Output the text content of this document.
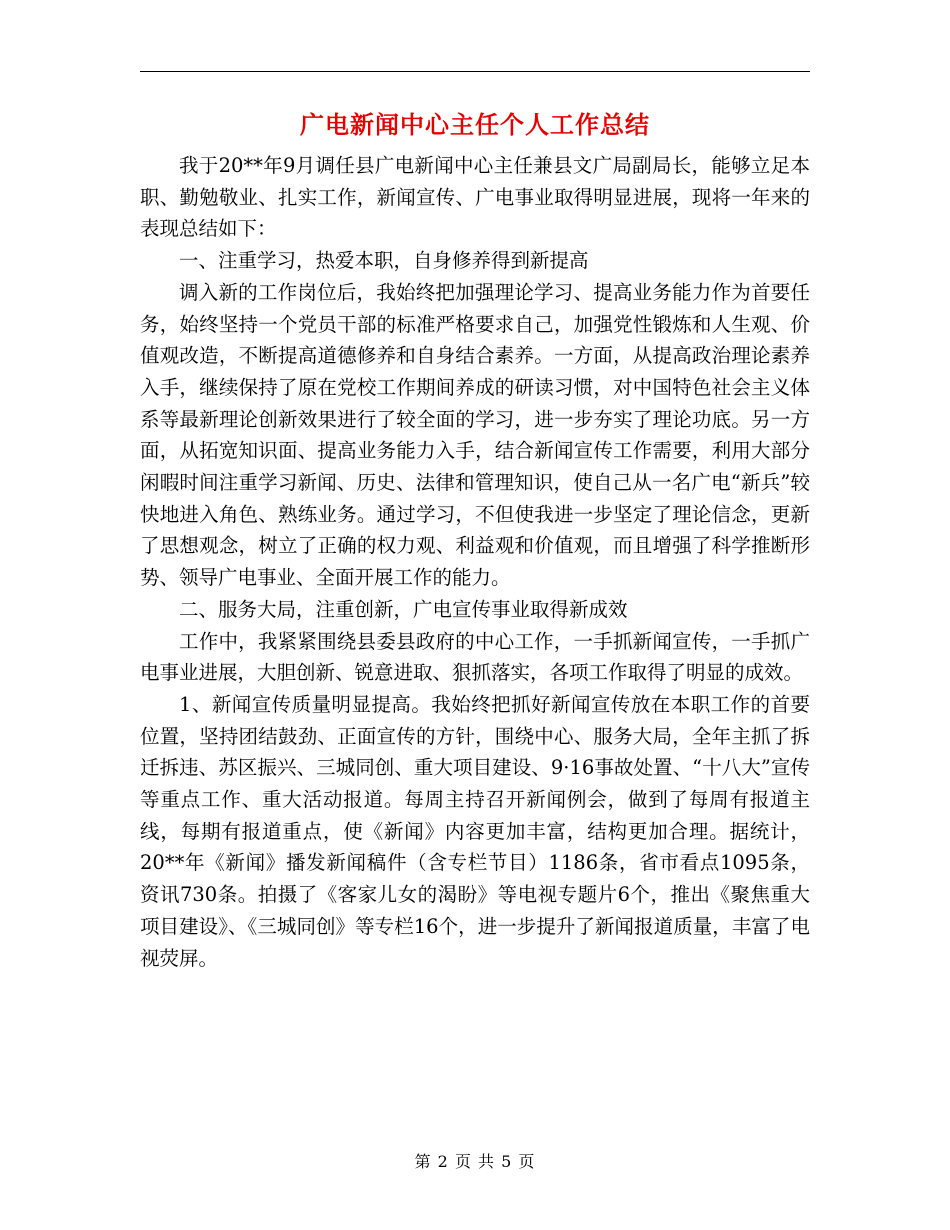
广电新闻中心主任个人工作总结

我于20**年9月调任县广电新闻中心主任兼县文广局副局长，能够立足本职、勤勉敬业、扎实工作，新闻宣传、广电事业取得明显进展，现将一年来的表现总结如下：

一、注重学习，热爱本职，自身修养得到新提高

调入新的工作岗位后，我始终把加强理论学习、提高业务能力作为首要任务，始终坚持一个党员干部的标准严格要求自己，加强党性锻炼和人生观、价值观改造，不断提高道德修养和自身结合素养。一方面，从提高政治理论素养入手，继续保持了原在党校工作期间养成的研读习惯，对中国特色社会主义体系等最新理论创新效果进行了较全面的学习，进一步夯实了理论功底。另一方面，从拓宽知识面、提高业务能力入手，结合新闻宣传工作需要，利用大部分闲暇时间注重学习新闻、历史、法律和管理知识，使自己从一名广电“新兵”较快地进入角色、熟练业务。通过学习，不但使我进一步坚定了理论信念，更新了思想观念，树立了正确的权力观、利益观和价值观，而且增强了科学推断形势、领导广电事业、全面开展工作的能力。

二、服务大局，注重创新，广电宣传事业取得新成效

工作中，我紧紧围绕县委县政府的中心工作，一手抓新闻宣传，一手抓广电事业进展，大胆创新、锐意进取、狠抓落实，各项工作取得了明显的成效。

1、新闻宣传质量明显提高。我始终把抓好新闻宣传放在本职工作的首要位置，坚持团结鼓劲、正面宣传的方针，围绕中心、服务大局，全年主抓了拆迁拆违、苏区振兴、三城同创、重大项目建设、9·16事故处置、“十八大”宣传等重点工作、重大活动报道。每周主持召开新闻例会，做到了每周有报道主线，每期有报道重点，使《新闻》内容更加丰富，结构更加合理。据统计，20**年《新闻》播发新闻稿件（含专栏节目）1186条，省市看点1095条，资讯730条。拍摄了《客家儿女的渴盼》等电视专题片6个，推出《聚焦重大项目建设》、《三城同创》等专栏16个，进一步提升了新闻报道质量，丰富了电视荧屏。

第 2 页 共 5 页
